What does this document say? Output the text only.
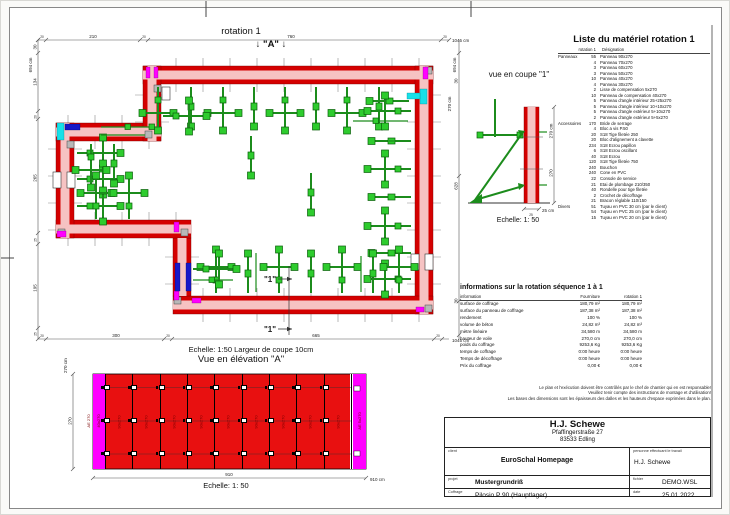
"1"
"1"
20	210	20	760	20
1045 cm
20	300	20	665	20
1045 cm
694 cm
30
134
20
265
25
195
25
694 cm
30
270 cm
628
30
270 cm
270
25
25 cm
AE 270 40x270	AE 5x270
270 cm
270
910
910 cm
90x270	90x270	90x270	90x270	90x270	90x270	90x270	90x270	90x270
rotation 1
↓ "A" ↓
Echelle: 1:50 Largeur de coupe 10cm
vue en coupe "1"
Echelle: 1: 50
Vue en élévation "A"
Echelle: 1: 50
Liste du matériel rotation 1
rotation 1 Désignation
Panneaux	55 Panneau 90x270
4 Panneau 70x270
3 Panneau 60x270
3 Panneau 50x270
10 Panneau 40x270
4 Panneau 30x270
2 Lisse de compensation 5x270
10 Panneau de compensation 40x270
5 Panneau d'angle intérieur 25+25x270
5 Panneau d'angle intérieur 10+10x270
5 Panneau d'angle extérieur 5+10x270
2 Panneau d'angle extérieur 5+5x270
Accessoires	170 Bride de serrage
4 Bloc a vis P.50
20 S18 Tige filetée 250
20 Bloc d'alignement a clavette
234 S18 Ecrou papillon
6 S18 Ecrou oscillant
40 S18 Ecrou
120 S18 Tige filetée 750
240 Bouchon
240 Cone en PVC
22 Console de service
21 Etai de plombage 210/350
40 Rondelle pour tige filetée
2 Crochet de décoffrage
21 Bracon réglable 110/150
Divers	51 Tuyau en PVC 30 cm (par le client)
54 Tuyau en PVC 25 cm (par le client)
15 Tuyau en PVC 20 cm (par le client)
informations sur la rotation séquence 1 à 1
information	Fourniture	rotation 1
surface de coffrage	180,79 m²	180,79 m²
surface du panneau de coffrage	187,38 m²	187,38 m²
rendement	100 %	100 %
volume de béton	24,82 m³	24,82 m³
mètre linéaire	34,580 m	34,580 m
hauteur de voile	270,0 cm	270,0 cm
poids du coffrage	9253,6 Kg	9253,6 Kg
temps de coffrage	0:00 heure	0:00 heure
Temps de décoffrage	0:00 heure	0:00 heure
Prix du coffrage	0,00 €	0,00 €
Le plan et l'exécution doivent être contrôlés par le chef de chantier qui en est responsable!
Veuillez tenir compte des instructions de montage et d'utilisation!
Les bases des dimensions sont les épaisseurs des dalles et les hauteurs d'espace exprimées dans le plan.
H.J. Schewe
Pfaffingerstraße 27
83533 Edling
client
EuroSchal Homepage
personne effectuant le travail
H.J. Schewe
projet	Mustergrundriß	fichier	DEMO.WSL
Coffrage Pilosio P 90 (Hauptlager)	date	25.01.2022
